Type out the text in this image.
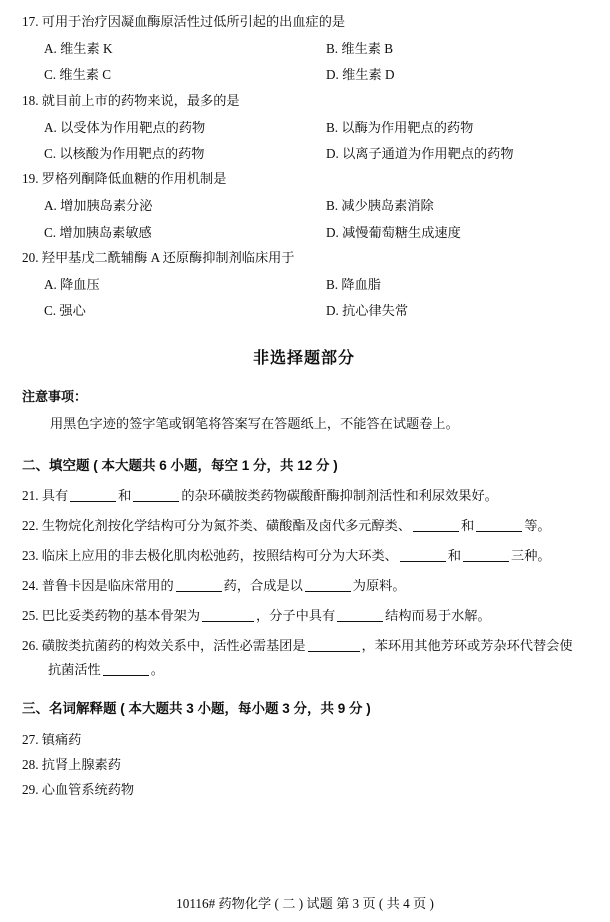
17. 可用于治疗因凝血酶原活性过低所引起的出血症的是

A. 维生素 K	B. 维生素 B
C. 维生素 C	D. 维生素 D

18. 就目前上市的药物来说，最多的是

A. 以受体为作用靶点的药物	B. 以酶为作用靶点的药物
C. 以核酸为作用靶点的药物	D. 以离子通道为作用靶点的药物

19. 罗格列酮降低血糖的作用机制是

A. 增加胰岛素分泌	B. 减少胰岛素消除
C. 增加胰岛素敏感	D. 减慢葡萄糖生成速度

20. 羟甲基戊二酰辅酶 A 还原酶抑制剂临床用于

A. 降血压	B. 降血脂
C. 强心	D. 抗心律失常
非选择题部分
注意事项：
用黑色字迹的签字笔或钢笔将答案写在答题纸上，不能答在试题卷上。
二、填空题 ( 本大题共 6 小题，每空 1 分，共 12 分 )
21. 具有	和	的杂环磺胺类药物碳酸酐酶抑制剂活性和利尿效果好。
22. 生物烷化剂按化学结构可分为氮芥类、磺酸酯及卤代多元醇类、	和	等。
23. 临床上应用的非去极化肌肉松弛药，按照结构可分为大环类、	和	三种。
24. 普鲁卡因是临床常用的	药，合成是以	为原料。
25. 巴比妥类药物的基本骨架为	，分子中具有	结构而易于水解。
26. 磺胺类抗菌药的构效关系中，活性必需基团是	，苯环用其他芳环或芳杂环代替会使
抗菌活性	。
三、名词解释题 ( 本大题共 3 小题，每小题 3 分，共 9 分 )
27. 镇痛药
28. 抗肾上腺素药
29. 心血管系统药物
10116# 药物化学 ( 二 ) 试题 第 3 页 ( 共 4 页 )
